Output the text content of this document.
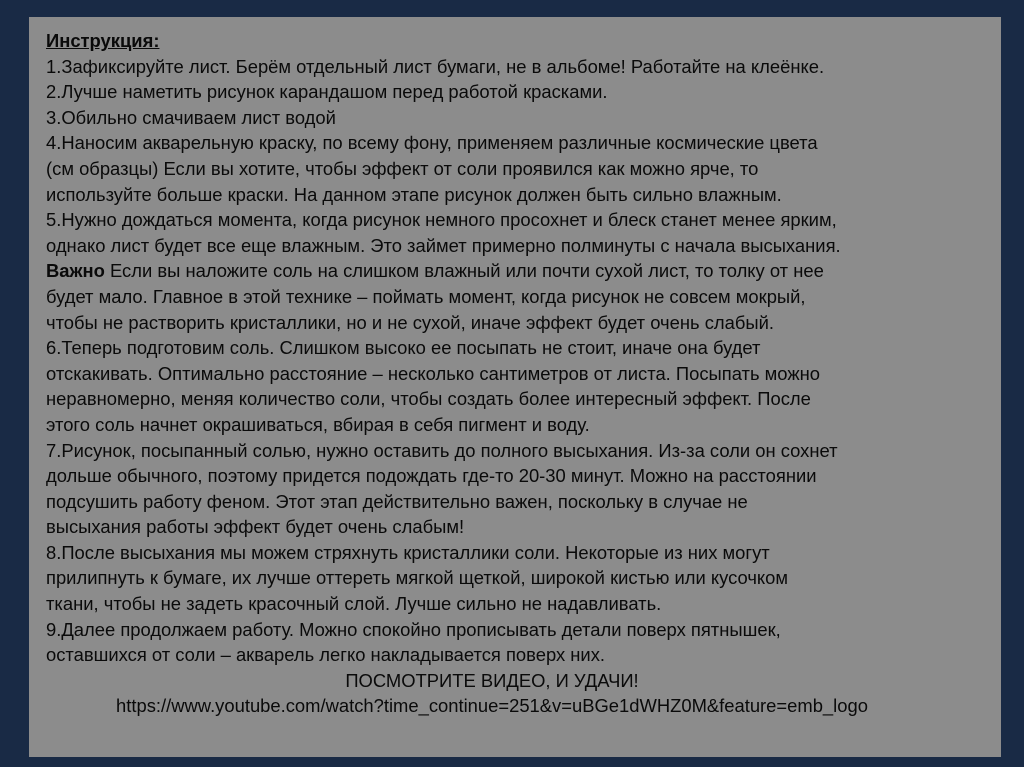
Инструкция:
1.Зафиксируйте лист. Берём отдельный лист бумаги, не в альбоме! Работайте на клеёнке.
2.Лучше наметить рисунок карандашом перед работой красками.
3.Обильно смачиваем лист водой
4.Наносим акварельную краску, по всему фону, применяем различные космические цвета
(см образцы) Если вы хотите, чтобы эффект от соли проявился как можно ярче, то
используйте больше краски. На данном этапе рисунок должен быть сильно влажным.
5.Нужно дождаться момента, когда рисунок немного просохнет и блеск станет менее ярким,
однако лист будет все еще влажным. Это займет примерно полминуты с начала высыхания.
Важно Если вы наложите соль на слишком влажный или почти сухой лист, то толку от нее
будет мало. Главное в этой технике – поймать момент, когда рисунок не совсем мокрый,
чтобы не растворить кристаллики, но и не сухой, иначе эффект будет очень слабый.
6.Теперь подготовим соль. Слишком высоко ее посыпать не стоит, иначе она будет
отскакивать. Оптимально расстояние – несколько сантиметров от листа. Посыпать можно
неравномерно, меняя количество соли, чтобы создать более интересный эффект. После
этого соль начнет окрашиваться, вбирая в себя пигмент и воду.
7.Рисунок, посыпанный солью, нужно оставить до полного высыхания. Из-за соли он сохнет
дольше обычного, поэтому придется подождать где-то 20-30 минут. Можно на расстоянии
подсушить работу феном. Этот этап действительно важен, поскольку в случае не
высыхания работы эффект будет очень слабым!
8.После высыхания мы можем стряхнуть кристаллики соли. Некоторые из них могут
прилипнуть к бумаге, их лучше оттереть мягкой щеткой, широкой кистью или кусочком
ткани, чтобы не задеть красочный слой. Лучше сильно не надавливать.
9.Далее продолжаем работу. Можно спокойно прописывать детали поверх пятнышек,
оставшихся от соли – акварель легко накладывается поверх них.
ПОСМОТРИТЕ ВИДЕО, И УДАЧИ!
https://www.youtube.com/watch?time_continue=251&v=uBGe1dWHZ0M&feature=emb_logo
